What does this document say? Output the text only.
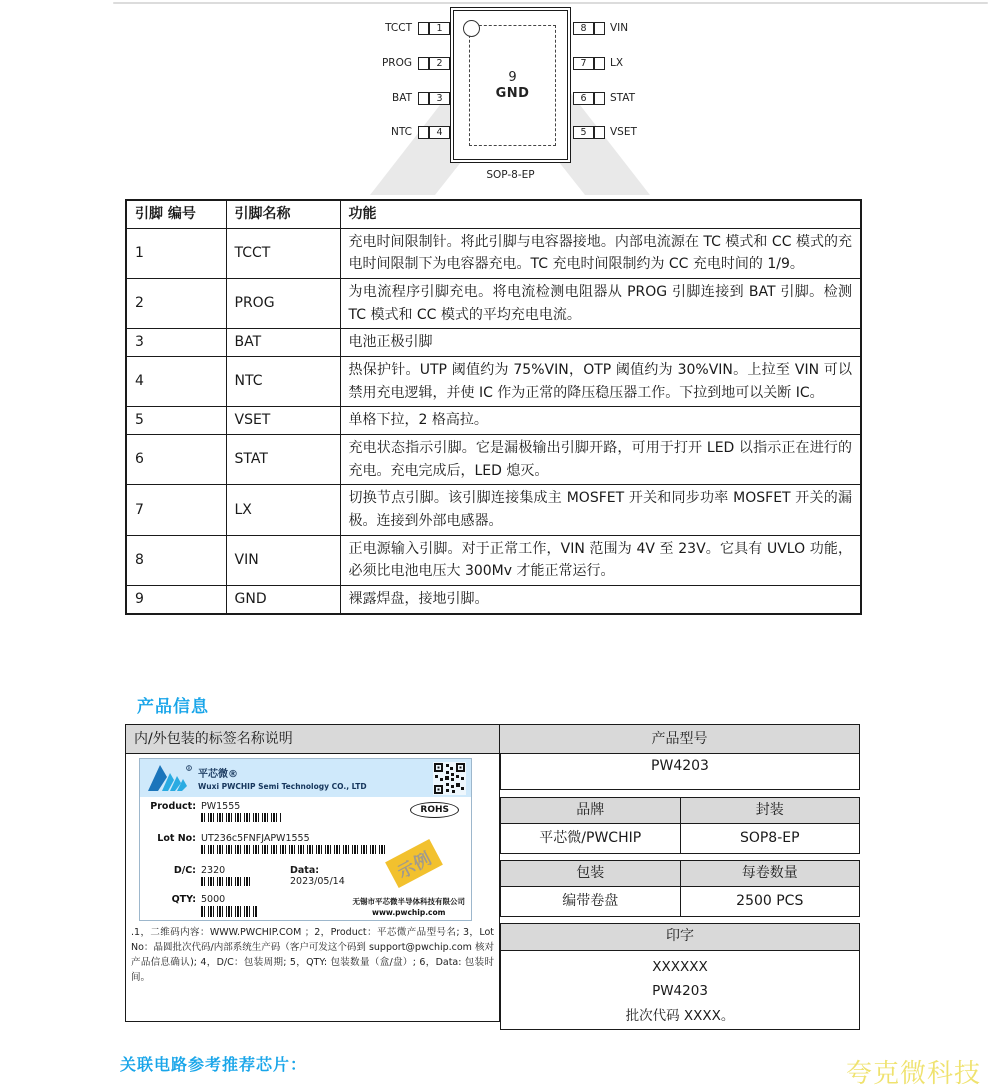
TCCT
PROG
BAT
NTC
1
2
3
4
8
7
6
5
VIN
LX
STAT
VSET
9
GND
SOP-8-EP
引脚 编号	引脚名称	功能
1	TCCT	充电时间限制针。将此引脚与电容器接地。内部电流源在 TC 模式和 CC 模式的充电时间限制下为电容器充电。TC 充电时间限制约为 CC 充电时间的 1/9。
2	PROG	为电流程序引脚充电。将电流检测电阻器从 PROG 引脚连接到 BAT 引脚。检测 TC 模式和 CC 模式的平均充电电流。
3	BAT	电池正极引脚
4	NTC	热保护针。UTP 阈值约为 75%VIN，OTP 阈值约为 30%VIN。上拉至 VIN 可以禁用充电逻辑，并使 IC 作为正常的降压稳压器工作。下拉到地可以关断 IC。
5	VSET	单格下拉，2 格高拉。
6	STAT	充电状态指示引脚。它是漏极输出引脚开路，可用于打开 LED 以指示正在进行的充电。充电完成后，LED 熄灭。
7	LX	切换节点引脚。该引脚连接集成主 MOSFET 开关和同步功率 MOSFET 开关的漏极。连接到外部电感器。
8	VIN	正电源输入引脚。对于正常工作，VIN 范围为 4V 至 23V。它具有 UVLO 功能，必须比电池电压大 300Mv 才能正常运行。
9	GND	裸露焊盘，接地引脚。
产品信息
内/外包装的标签名称说明	产品型号
R
平芯微®
Wuxi PWCHIP Semi Technology CO., LTD
Product: PW1555
Lot No: UT236c5FNFJAPW1555
D/C: 2320	Data:
2023/05/14
QTY: 5000
ROHS
示例
无锡市平芯微半导体科技有限公司
www.pwchip.com
.1，二维码内容：WWW.PWCHIP.COM ；2，Product：平芯微产品型号名; 3，Lot No：晶圆批次代码/内部系统生产码（客户可发这个码到 support@pwchip.com 核对产品信息确认); 4，D/C：包装周期; 5，QTY: 包装数量（盒/盘）; 6，Data: 包装时间。
PW4203
品牌	封装
平芯微/PWCHIP	SOP8-EP
包装	每卷数量
编带卷盘	2500 PCS
印字
XXXXXX
PW4203
批次代码 XXXX。
关联电路参考推荐芯片：	夸克微科技
